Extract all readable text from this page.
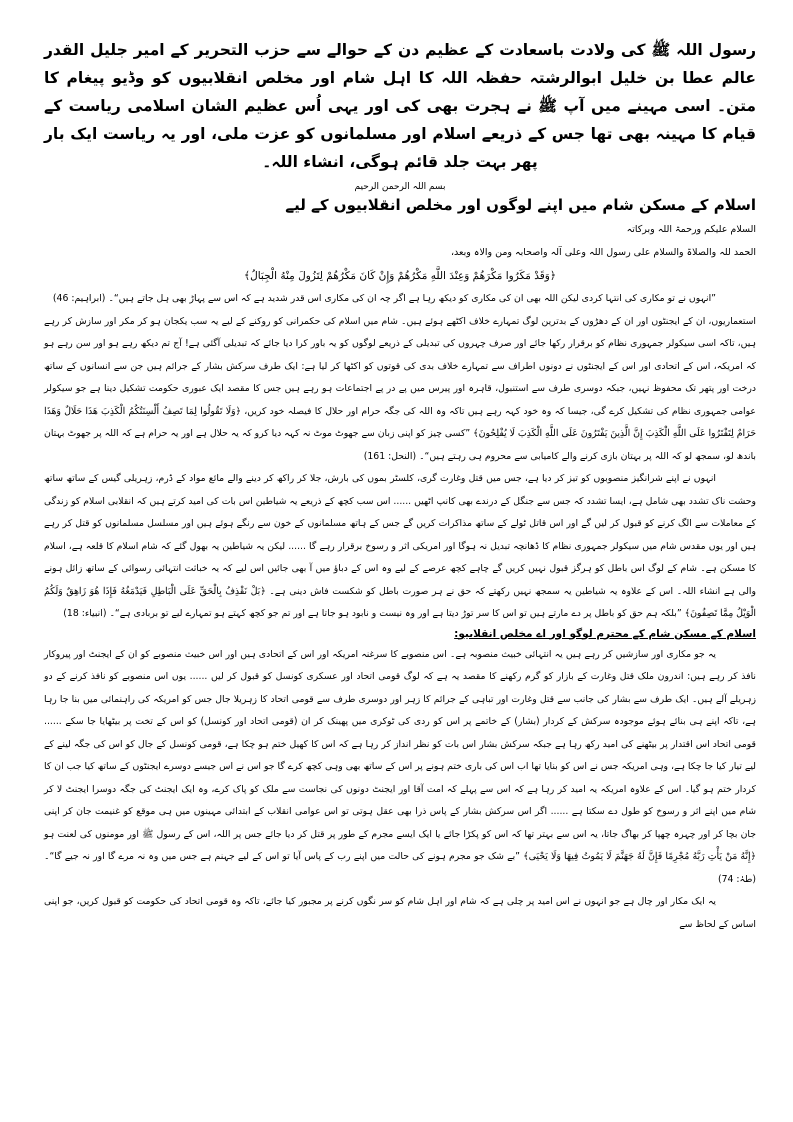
رسول اللہ ﷺ کی ولادت باسعادت کے عظیم دن کے حوالے سے حزب التحریر کے امیر جلیل القدر عالم عطا بن خلیل ابوالرشتہ حفظہ اللہ کا اہل شام اور مخلص انقلابیوں کو وڈیو پیغام کا متن۔ اسی مہینے میں آپ ﷺ نے ہجرت بھی کی اور یہی اُس عظیم الشان اسلامی ریاست کے قیام کا مہینہ بھی تھا جس کے ذریعے اسلام اور مسلمانوں کو عزت ملی، اور یہ ریاست ایک بار پھر بہت جلد قائم ہوگی، انشاء اللہ۔

بسم اللہ الرحمن الرحیم
اسلام کے مسکن شام میں اپنے لوگوں اور مخلص انقلابیوں کے لیے
السلام علیکم ورحمۃ اللہ وبرکاتہ
الحمد للہ والصلاۃ والسلام علی رسول اللہ وعلی آلہ واصحابہ ومن والاہ وبعد،
﴿وَقَدْ مَكَرُوا مَكْرَهُمْ وَعِنْدَ اللَّهِ مَكْرُهُمْ وَإِنْ كَانَ مَكْرُهُمْ لِتَزُولَ مِنْهُ الْجِبَالُ﴾

”انہوں نے تو مکاری کی انتہا کردی لیکن اللہ بھی ان کی مکاری کو دیکھ رہا ہے اگر چہ ان کی مکاری اس قدر شدید ہے کہ اس سے پہاڑ بھی ہل جاتے ہیں“۔ (ابراہیم: 46)

استعماریوں، ان کے ایجنٹوں اور ان کے دھڑوں کے بدترین لوگ تمہارے خلاف اکٹھے ہوئے ہیں۔ شام میں اسلام کی حکمرانی کو روکنے کے لیے یہ سب یکجان ہو کر مکر اور سازش کر رہے ہیں، تاکہ اسی سیکولر جمہوری نظام کو برقرار رکھا جائے اور صرف چہروں کی تبدیلی کے ذریعے لوگوں کو یہ باور کرا دیا جائے کہ تبدیلی آگئی ہے! آج تم دیکھ رہے ہو اور سن رہے ہو کہ امریکہ، اس کے اتحادی اور اس کے ایجنٹوں نے دونوں اطراف سے تمہارے خلاف بدی کی قوتوں کو اکٹھا کر لیا ہے: ایک طرف سرکش بشار کے جرائم ہیں جن سے انسانوں کے ساتھ درخت اور پتھر تک محفوظ نہیں، جبکہ دوسری طرف سے استنبول، قاہرہ اور پیرس میں پے در پے اجتماعات ہو رہے ہیں جس کا مقصد ایک عبوری حکومت تشکیل دینا ہے جو سیکولر عوامی جمہوری نظام کی تشکیل کرے گی، جیسا کہ وہ خود کہہ رہے ہیں تاکہ وہ اللہ کی جگہ حرام اور حلال کا فیصلہ خود کریں، ﴿وَلَا تَقُولُوا لِمَا تَصِفُ أَلْسِنَتُكُمُ الْكَذِبَ هَذَا حَلَالٌ وَهَذَا حَرَامٌ لِتَفْتَرُوا عَلَى اللَّهِ الْكَذِبَ إِنَّ الَّذِينَ يَفْتَرُونَ عَلَى اللَّهِ الْكَذِبَ لَا يُفْلِحُونَ﴾ ”کسی چیز کو اپنی زبان سے جھوٹ موٹ نہ کہہ دیا کرو کہ یہ حلال ہے اور یہ حرام ہے کہ اللہ پر جھوٹ بہتان باندھ لو، سمجھ لو کہ اللہ پر بہتان بازی کرنے والے کامیابی سے محروم ہی رہتے ہیں“۔ (النحل: 161)

انہوں نے اپنے شرانگیز منصوبوں کو تیز کر دیا ہے، جس میں قتل وغارت گری، کلسٹر بموں کی بارش، جلا کر راکھ کر دینے والے مائع مواد کے ڈرم، زہریلی گیس کے ساتھ ساتھ وحشت ناک تشدد بھی شامل ہے، ایسا تشدد کہ جس سے جنگل کے درندے بھی کانپ اٹھیں ...... اس سب کچھ کے ذریعے یہ شیاطین اس بات کی امید کرتے ہیں کہ انقلابی اسلام کو زندگی کے معاملات سے الگ کرنے کو قبول کر لیں گے اور اس قاتل ٹولے کے ساتھ مذاکرات کریں گے جس کے ہاتھ مسلمانوں کے خون سے رنگے ہوئے ہیں اور مسلسل مسلمانوں کو قتل کر رہے ہیں اور یوں مقدس شام میں سیکولر جمہوری نظام کا ڈھانچہ تبدیل نہ ہوگا اور امریکی اثر و رسوخ برقرار رہے گا ...... لیکن یہ شیاطین یہ بھول گئے کہ شام اسلام کا قلعہ ہے، اسلام کا مسکن ہے۔ شام کے لوگ اس باطل کو ہرگز قبول نہیں کریں گے چاہے کچھ عرصے کے لیے وہ اس کے دباؤ میں آ بھی جائیں اس لیے کہ یہ خباثت انتہائی رسوائی کے ساتھ زائل ہونے والی ہے انشاء اللہ۔ اس کے علاوہ یہ شیاطین یہ سمجھ نہیں رکھتے کہ حق نے ہر صورت باطل کو شکست فاش دینی ہے۔ ﴿بَلْ نَقْذِفُ بِالْحَقِّ عَلَى الْبَاطِلِ فَيَدْمَغُهُ فَإِذَا هُوَ زَاهِقٌ وَلَكُمُ الْوَيْلُ مِمَّا تَصِفُونَ﴾ ”بلکہ ہم حق کو باطل پر دے مارتے ہیں تو اس کا سر توڑ دیتا ہے اور وہ نیست و نابود ہو جاتا ہے اور تم جو کچھ کہتے ہو تمہارے لیے تو بربادی ہے“۔ (انبیاء: 18)

اسلام کے مسکن شام کے محترم لوگو اور اے مخلص انقلابیو:

یہ جو مکاری اور سازشیں کر رہے ہیں یہ انتہائی خبیث منصوبہ ہے۔ اس منصوبے کا سرغنہ امریکہ اور اس کے اتحادی ہیں اور اس خبیث منصوبے کو ان کے ایجنٹ اور پیروکار نافذ کر رہے ہیں: اندرون ملک قتل وغارت کے بازار کو گرم رکھنے کا مقصد یہ ہے کہ لوگ قومی اتحاد اور عسکری کونسل کو قبول کر لیں ...... یوں اس منصوبے کو نافذ کرنے کے دو زہریلے آلے ہیں۔ ایک طرف سے بشار کی جانب سے قتل وغارت اور تباہی کے جرائم کا زہر اور دوسری طرف سے قومی اتحاد کا زہریلا جال جس کو امریکہ کی راہنمائی میں بنا جا رہا ہے، تاکہ اپنے ہی بنائے ہوئے موجودہ سرکش کے کردار (بشار) کے خاتمے پر اس کو ردی کی ٹوکری میں پھینک کر ان (قومی اتحاد اور کونسل) کو اس کے تخت پر بیٹھایا جا سکے ...... قومی اتحاد اس اقتدار پر بیٹھنے کی امید رکھ رہا ہے جبکہ سرکش بشار اس بات کو نظر انداز کر رہا ہے کہ اس کا کھیل ختم ہو چکا ہے، قومی کونسل کے جال کو اس کی جگہ لینے کے لیے تیار کیا جا چکا ہے، وہی امریکہ جس نے اس کو بنایا تھا اب اس کی باری ختم ہونے پر اس کے ساتھ بھی وہی کچھ کرے گا جو اس نے اس جیسے دوسرے ایجنٹوں کے ساتھ کیا جب ان کا کردار ختم ہو گیا۔ اس کے علاوہ امریکہ یہ امید کر رہا ہے کہ اس سے پہلے کہ امت آقا اور ایجنٹ دونوں کی نجاست سے ملک کو پاک کرے، وہ ایک ایجنٹ کی جگہ دوسرا ایجنٹ لا کر شام میں اپنے اثر و رسوخ کو طول دے سکتا ہے ...... اگر اس سرکش بشار کے پاس ذرا بھی عقل ہوتی تو اس عوامی انقلاب کے ابتدائی مہینوں میں ہی موقع کو غنیمت جان کر اپنی جان بچا کر اور چہرہ چھپا کر بھاگ جاتا، یہ اس سے بہتر تھا کہ اس کو پکڑا جائے یا ایک ایسے مجرم کے طور پر قتل کر دیا جائے جس پر اللہ، اس کے رسول ﷺ اور مومنوں کی لعنت ہو ﴿إِنَّهُ مَنْ يَأْتِ رَبَّهُ مُجْرِمًا فَإِنَّ لَهُ جَهَنَّمَ لَا يَمُوتُ فِيهَا وَلَا يَحْيَى﴾ ”بے شک جو مجرم ہونے کی حالت میں اپنے رب کے پاس آیا تو اس کے لیے جہنم ہے جس میں وہ نہ مرے گا اور نہ جیے گا“۔ (طہٰ: 74)

یہ ایک مکار اور چال ہے جو انہوں نے اس امید پر چلی ہے کہ شام اور اہل شام کو سر نگوں کرنے پر مجبور کیا جائے، تاکہ وہ قومی اتحاد کی حکومت کو قبول کریں، جو اپنی اساس کے لحاظ سے
